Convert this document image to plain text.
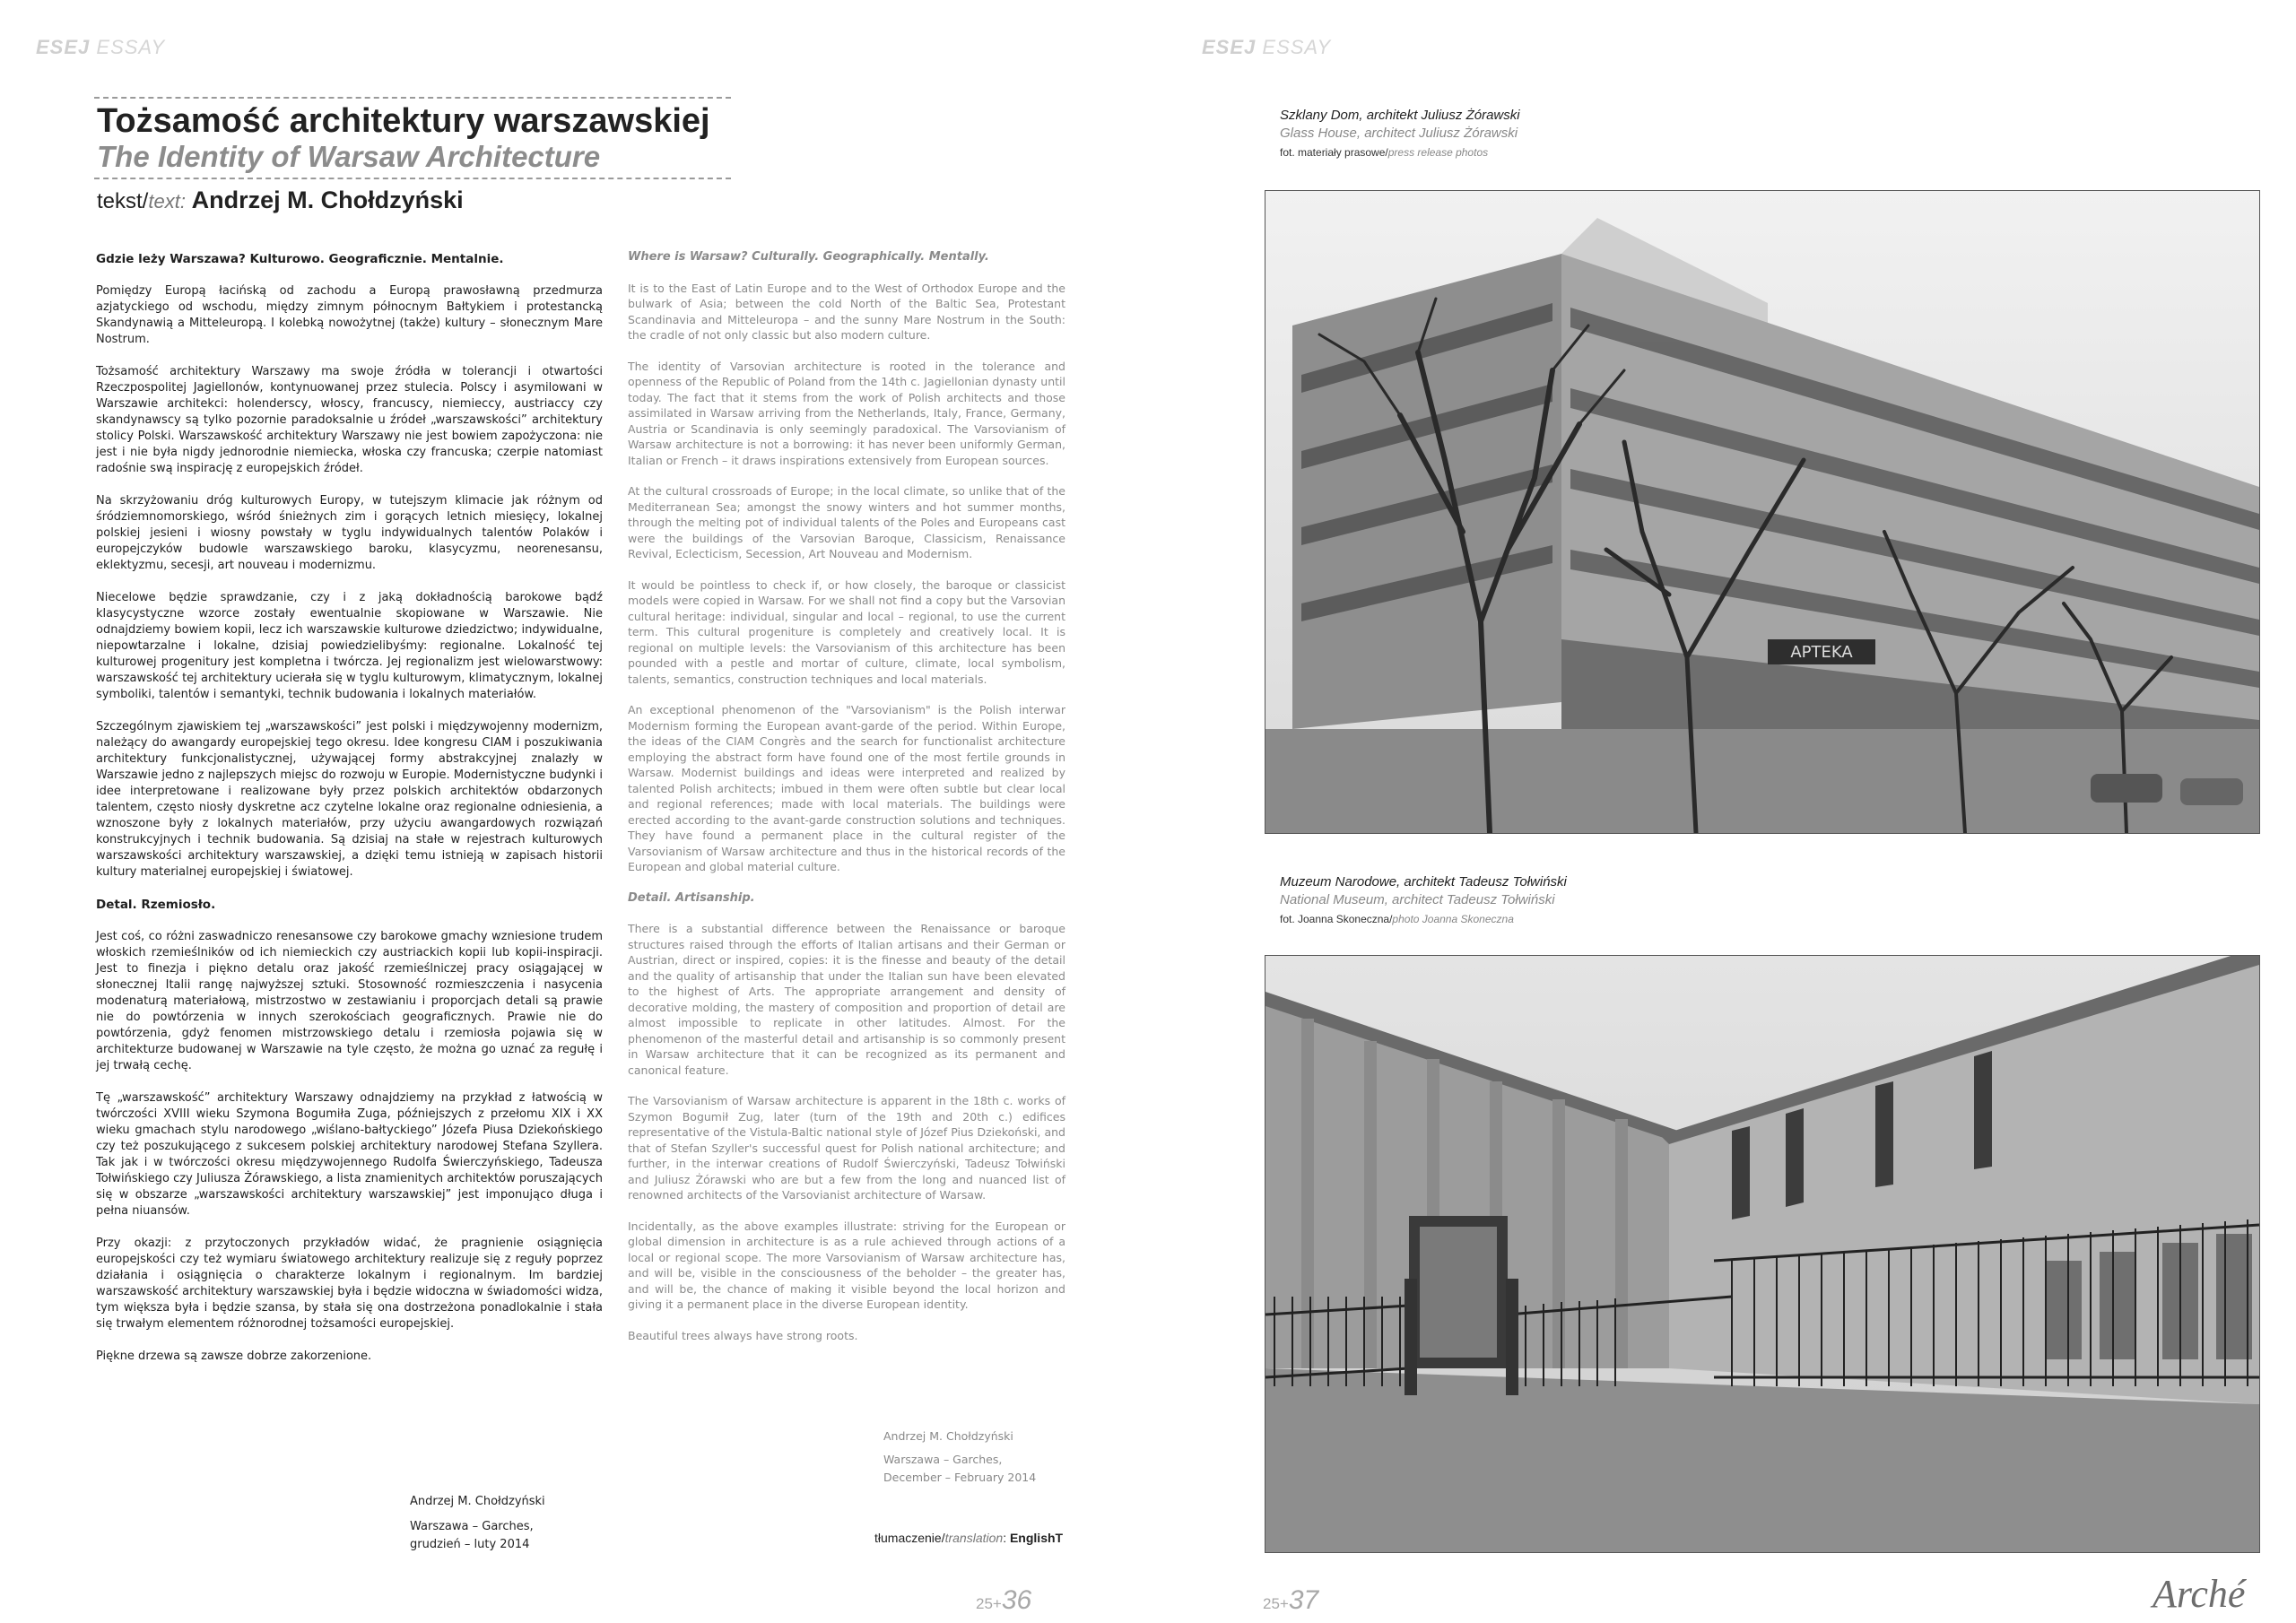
ESEJ ESSAY
Tożsamość architektury warszawskiej
The Identity of Warsaw Architecture
tekst/text: Andrzej M. Chołdzyński
Gdzie leży Warszawa? Kulturowo. Geograficznie. Mentalnie.

Pomiędzy Europą łacińską od zachodu a Europą prawosławną przedmurza azjatyckiego od wschodu, między zimnym północnym Bałtykiem i protestancką Skandynawią a Mitteleuropą. I kolebką nowożytnej (także) kultury – słonecznym Mare Nostrum.

Tożsamość architektury Warszawy ma swoje źródła w tolerancji i otwartości Rzeczpospolitej Jagiellonów, kontynuowanej przez stulecia. Polscy i asymilowani w Warszawie architekci: holenderscy, włoscy, francuscy, niemieccy, austriaccy czy skandynawscy są tylko pozornie paradoksalnie u źródeł „warszawskości” architektury stolicy Polski. Warszawskość architektury Warszawy nie jest bowiem zapożyczona: nie jest i nie była nigdy jednorodnie niemiecka, włoska czy francuska; czerpie natomiast radośnie swą inspirację z europejskich źródeł.

Na skrzyżowaniu dróg kulturowych Europy, w tutejszym klimacie jak różnym od śródziemnomorskiego, wśród śnieżnych zim i gorących letnich miesięcy, lokalnej polskiej jesieni i wiosny powstały w tyglu indywidualnych talentów Polaków i europejczyków budowle warszawskiego baroku, klasycyzmu, neorenesansu, eklektyzmu, secesji, art nouveau i modernizmu.

Niecelowe będzie sprawdzanie, czy i z jaką dokładnością barokowe bądź klasycystyczne wzorce zostały ewentualnie skopiowane w Warszawie. Nie odnajdziemy bowiem kopii, lecz ich warszawskie kulturowe dziedzictwo; indywidualne, niepowtarzalne i lokalne, dzisiaj powiedzielibyśmy: regionalne. Lokalność tej kulturowej progenitury jest kompletna i twórcza. Jej regionalizm jest wielowarstwowy: warszawskość tej architektury ucierała się w tyglu kulturowym, klimatycznym, lokalnej symboliki, talentów i semantyki, technik budowania i lokalnych materiałów.

Szczególnym zjawiskiem tej „warszawskości” jest polski i międzywojenny modernizm, należący do awangardy europejskiej tego okresu. Idee kongresu CIAM i poszukiwania architektury funkcjonalistycznej, używającej formy abstrakcyjnej znalazły w Warszawie jedno z najlepszych miejsc do rozwoju w Europie. Modernistyczne budynki i idee interpretowane i realizowane były przez polskich architektów obdarzonych talentem, często niosły dyskretne acz czytelne lokalne oraz regionalne odniesienia, a wznoszone były z lokalnych materiałów, przy użyciu awangardowych rozwiązań konstrukcyjnych i technik budowania. Są dzisiaj na stałe w rejestrach kulturowych warszawskości architektury warszawskiej, a dzięki temu istnieją w zapisach historii kultury materialnej europejskiej i światowej.

Detal. Rzemiosło.

Jest coś, co różni zaswadniczo renesansowe czy barokowe gmachy wzniesione trudem włoskich rzemieślników od ich niemieckich czy austriackich kopii lub kopii-inspiracji. Jest to finezja i piękno detalu oraz jakość rzemieślniczej pracy osiągającej w słonecznej Italii rangę najwyższej sztuki. Stosowność rozmieszczenia i nasycenia modenaturą materiałową, mistrzostwo w zestawianiu i proporcjach detali są prawie nie do powtórzenia w innych szerokościach geograficznych. Prawie nie do powtórzenia, gdyż fenomen mistrzowskiego detalu i rzemiosła pojawia się w architekturze budowanej w Warszawie na tyle często, że można go uznać za regułę i jej trwałą cechę.

Tę „warszawskość” architektury Warszawy odnajdziemy na przykład z łatwością w twórczości XVIII wieku Szymona Bogumiła Zuga, późniejszych z przełomu XIX i XX wieku gmachach stylu narodowego „wiślano-bałtyckiego” Józefa Piusa Dziekońskiego czy też poszukującego z sukcesem polskiej architektury narodowej Stefana Szyllera. Tak jak i w twórczości okresu międzywojennego Rudolfa Świerczyńskiego, Tadeusza Tołwińskiego czy Juliusza Żórawskiego, a lista znamienitych architektów poruszających się w obszarze „warszawskości architektury warszawskiej” jest imponująco długa i pełna niuansów.

Przy okazji: z przytoczonych przykładów widać, że pragnienie osiągnięcia europejskości czy też wymiaru światowego architektury realizuje się z reguły poprzez działania i osiągnięcia o charakterze lokalnym i regionalnym. Im bardziej warszawskość architektury warszawskiej była i będzie widoczna w świadomości widza, tym większa była i będzie szansa, by stała się ona dostrzeżona ponadlokalnie i stała się trwałym elementem różnorodnej tożsamości europejskiej.

Piękne drzewa są zawsze dobrze zakorzenione.

Andrzej M. Chołdzyński
Warszawa – Garches,
grudzień – luty 2014
Where is Warsaw? Culturally. Geographically. Mentally.

It is to the East of Latin Europe and to the West of Orthodox Europe and the bulwark of Asia; between the cold North of the Baltic Sea, Protestant Scandinavia and Mitteleuropa – and the sunny Mare Nostrum in the South: the cradle of not only classic but also modern culture.

The identity of Varsovian architecture is rooted in the tolerance and openness of the Republic of Poland from the 14th c. Jagiellonian dynasty until today. The fact that it stems from the work of Polish architects and those assimilated in Warsaw arriving from the Netherlands, Italy, France, Germany, Austria or Scandinavia is only seemingly paradoxical. The Varsovianism of Warsaw architecture is not a borrowing: it has never been uniformly German, Italian or French – it draws inspirations extensively from European sources.

At the cultural crossroads of Europe; in the local climate, so unlike that of the Mediterranean Sea; amongst the snowy winters and hot summer months, through the melting pot of individual talents of the Poles and Europeans cast were the buildings of the Varsovian Baroque, Classicism, Renaissance Revival, Eclecticism, Secession, Art Nouveau and Modernism.

It would be pointless to check if, or how closely, the baroque or classicist models were copied in Warsaw. For we shall not find a copy but the Varsovian cultural heritage: individual, singular and local – regional, to use the current term. This cultural progeniture is completely and creatively local. It is regional on multiple levels: the Varsovianism of this architecture has been pounded with a pestle and mortar of culture, climate, local symbolism, talents, semantics, construction techniques and local materials.

An exceptional phenomenon of the "Varsovianism" is the Polish interwar Modernism forming the European avant-garde of the period. Within Europe, the ideas of the CIAM Congrès and the search for functionalist architecture employing the abstract form have found one of the most fertile grounds in Warsaw. Modernist buildings and ideas were interpreted and realized by talented Polish architects; imbued in them were often subtle but clear local and regional references; made with local materials. The buildings were erected according to the avant-garde construction solutions and techniques. They have found a permanent place in the cultural register of the Varsovianism of Warsaw architecture and thus in the historical records of the European and global material culture.

Detail. Artisanship.

There is a substantial difference between the Renaissance or baroque structures raised through the efforts of Italian artisans and their German or Austrian, direct or inspired, copies: it is the finesse and beauty of the detail and the quality of artisanship that under the Italian sun have been elevated to the highest of Arts. The appropriate arrangement and density of decorative molding, the mastery of composition and proportion of detail are almost impossible to replicate in other latitudes. Almost. For the phenomenon of the masterful detail and artisanship is so commonly present in Warsaw architecture that it can be recognized as its permanent and canonical feature.

The Varsovianism of Warsaw architecture is apparent in the 18th c. works of Szymon Bogumił Zug, later (turn of the 19th and 20th c.) edifices representative of the Vistula-Baltic national style of Józef Pius Dziekoński, and that of Stefan Szyller's successful quest for Polish national architecture; and further, in the interwar creations of Rudolf Świerczyński, Tadeusz Tołwiński and Juliusz Żórawski who are but a few from the long and nuanced list of renowned architects of the Varsovianist architecture of Warsaw.

Incidentally, as the above examples illustrate: striving for the European or global dimension in architecture is as a rule achieved through actions of a local or regional scope. The more Varsovianism of Warsaw architecture has, and will be, visible in the consciousness of the beholder – the greater has, and will be, the chance of making it visible beyond the local horizon and giving it a permanent place in the diverse European identity.

Beautiful trees always have strong roots.

Andrzej M. Chołdzyński
Warszawa – Garches,
December – February 2014
tłumaczenie/translation: EnglishT
25+36
ESEJ ESSAY
Szklany Dom, architekt Juliusz Żórawski
Glass House, architect Juliusz Żórawski
fot. materiały prasowe/press release photos
APTEKA
Muzeum Narodowe, architekt Tadeusz Tołwiński
National Museum, architect Tadeusz Tołwiński
fot. Joanna Skoneczna/photo Joanna Skoneczna
25+37	Arché
